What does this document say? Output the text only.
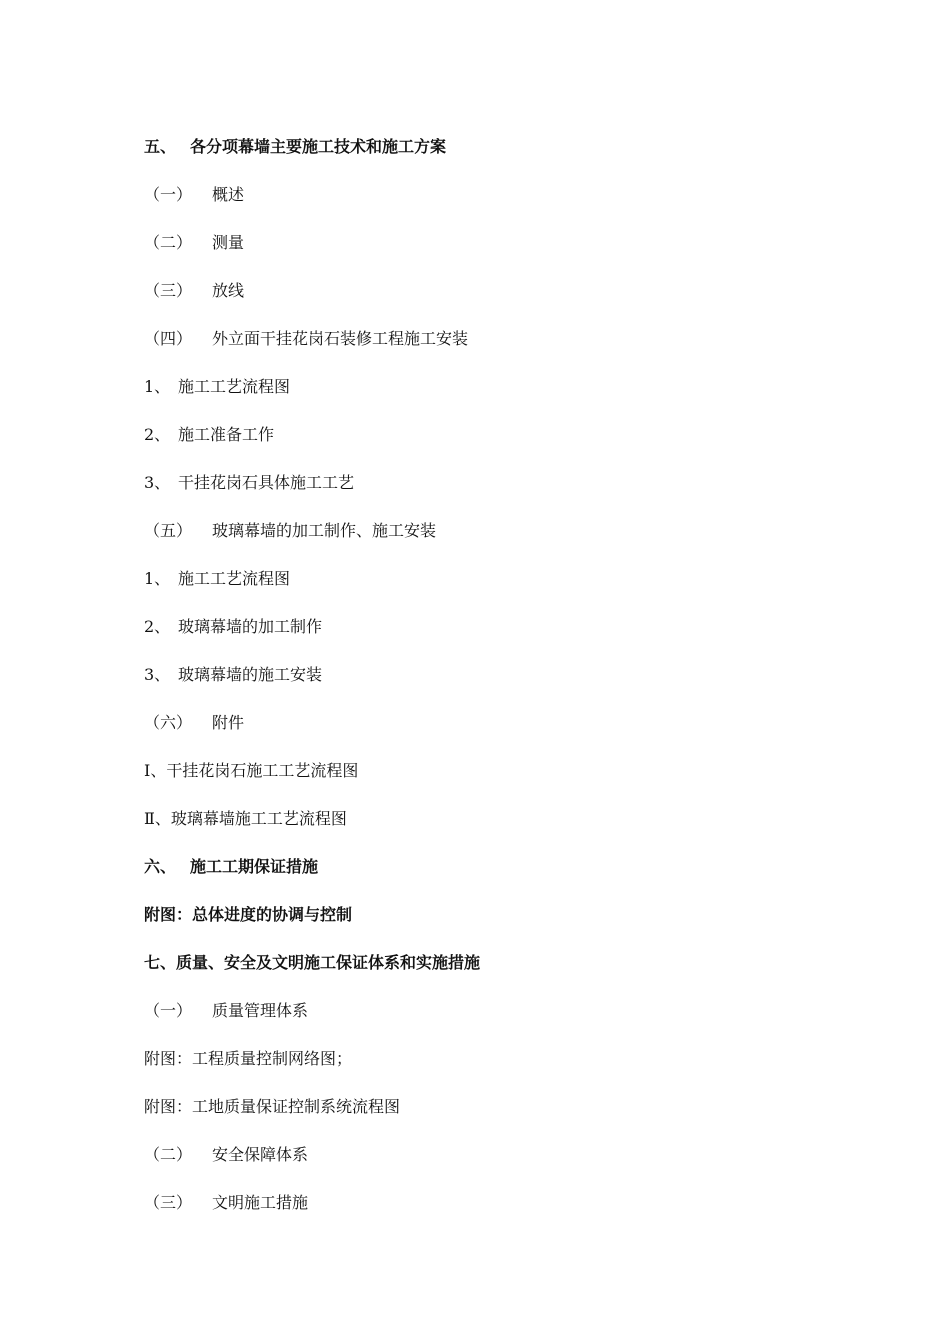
五、 各分项幕墙主要施工技术和施工方案
（一）	概述
（二）	测量
（三）	放线
（四）	外立面干挂花岗石装修工程施工安装
1、 施工工艺流程图
2、 施工准备工作
3、 干挂花岗石具体施工工艺
（五）	玻璃幕墙的加工制作、施工安装
1、 施工工艺流程图
2、 玻璃幕墙的加工制作
3、 玻璃幕墙的施工安装
（六）	附件
I、干挂花岗石施工工艺流程图
Ⅱ、玻璃幕墙施工工艺流程图
六、 施工工期保证措施
附图：总体进度的协调与控制
七、质量、安全及文明施工保证体系和实施措施
（一）	质量管理体系
附图：工程质量控制网络图；
附图：工地质量保证控制系统流程图
（二）	安全保障体系
（三）	文明施工措施
